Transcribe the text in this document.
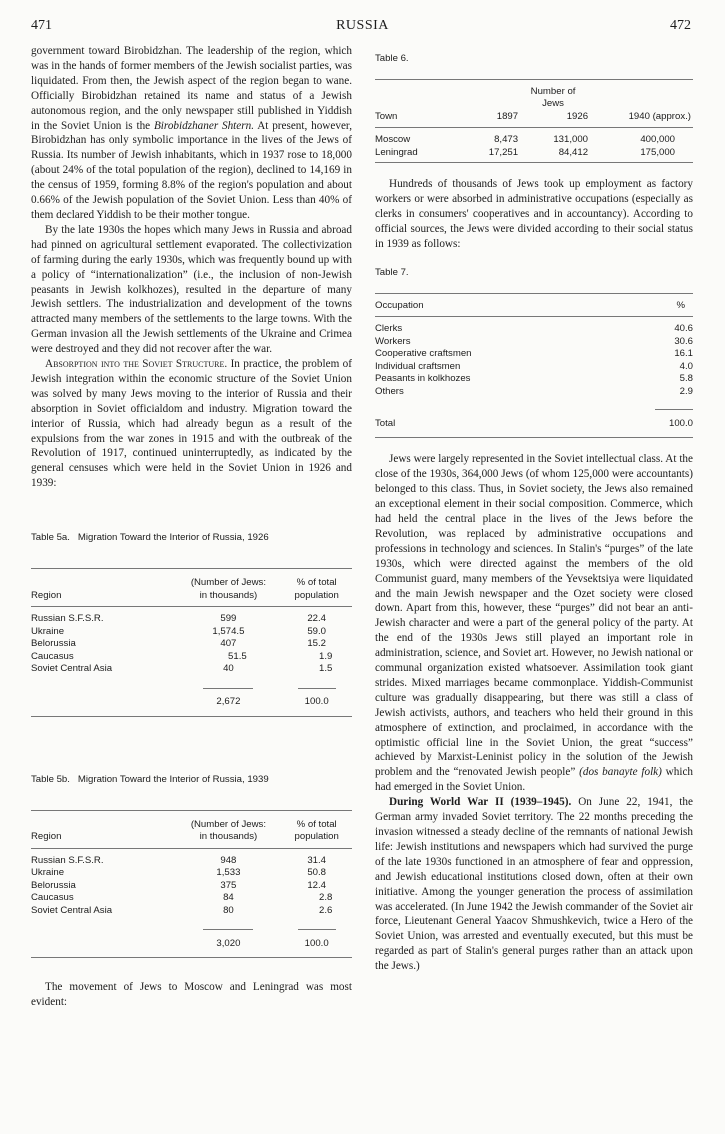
471	RUSSIA	472

government toward Birobidzhan. The leadership of the region, which was in the hands of former members of the Jewish socialist parties, was liquidated. From then, the Jewish aspect of the region began to wane. Officially Birobidzhan retained its name and status of a Jewish autonomous region, and the only newspaper still published in Yiddish in the Soviet Union is the Birobidzhaner Shtern. At present, however, Birobidzhan has only symbolic importance in the lives of the Jews of Russia. Its number of Jewish inhabitants, which in 1937 rose to 18,000 (about 24% of the total population of the region), declined to 14,169 in the census of 1959, forming 8.8% of the region's population and about 0.66% of the Jewish population of the Soviet Union. Less than 40% of them declared Yiddish to be their mother tongue.

By the late 1930s the hopes which many Jews in Russia and abroad had pinned on agricultural settlement evaporated. The collectivization of farming during the early 1930s, which was frequently bound up with a policy of “internationalization” (i.e., the inclusion of non-Jewish peasants in Jewish kolkhozes), resulted in the departure of many Jewish settlers. The industrialization and development of the towns attracted many members of the settlements to the large towns. With the German invasion all the Jewish settlements of the Ukraine and Crimea were destroyed and they did not recover after the war.

Absorption into the Soviet Structure. In practice, the problem of Jewish integration within the economic structure of the Soviet Union was solved by many Jews moving to the interior of Russia and their absorption in Soviet officialdom and industry. Migration toward the interior of Russia, which had already begun as a result of the expulsions from the war zones in 1915 and with the outbreak of the Revolution of 1917, continued uninterruptedly, as indicated by the general censuses which were held in the Soviet Union in 1926 and 1939:

Table 5a.   Migration Toward the Interior of Russia, 1926

Region	(Number of Jews:
in thousands)	% of total
population
Russian S.F.S.R.	599	22.4
Ukraine	1,574.5	59.0
Belorussia	407	15.2
Caucasus	51.5	1.9
Soviet Central Asia	40	1.5

	2,672	100.0
Table 5b.   Migration Toward the Interior of Russia, 1939

Region	(Number of Jews:
in thousands)	% of total
population
Russian S.F.S.R.	948	31.4
Ukraine	1,533	50.8
Belorussia	375	12.4
Caucasus	84	2.8
Soviet Central Asia	80	2.6

	3,020	100.0

The movement of Jews to Moscow and Leningrad was most evident:

Table 6.

		Number of
Jews	
Town	1897	1926	1940 (approx.)
Moscow	8,473	131,000	400,000
Leningrad	17,251	84,412	175,000

Hundreds of thousands of Jews took up employment as factory workers or were absorbed in administrative occupations (especially as clerks in consumers' cooperatives and in accountancy). According to official sources, the Jews were divided according to their social status in 1939 as follows:

Table 7.

Occupation	%
Clerks	40.6
Workers	30.6
Cooperative craftsmen	16.1
Individual craftsmen	4.0
Peasants in kolkhozes	5.8
Others	2.9

Total	100.0

Jews were largely represented in the Soviet intellectual class. At the close of the 1930s, 364,000 Jews (of whom 125,000 were accountants) belonged to this class. Thus, in Soviet society, the Jews also remained an exceptional element in their social composition. Commerce, which had held the central place in the lives of the Jews before the Revolution, was replaced by administrative occupations and professions in technology and sciences. In Stalin's “purges” of the late 1930s, which were directed against the members of the old Communist guard, many members of the Yevsektsiya were liquidated and the main Jewish newspaper and the Ozet society were closed down. Apart from this, however, these “purges” did not bear an anti-Jewish character and were a part of the general policy of the party. At the end of the 1930s Jews still played an important role in administration, science, and Soviet art. However, no Jewish national or communal organization existed whatsoever. Assimilation took giant strides. Mixed marriages became commonplace. Yiddish-Communist culture was gradually disappearing, but there was still a class of Jewish activists, authors, and teachers who held their ground in this atmosphere of extinction, and proclaimed, in accordance with the optimistic official line in the Soviet Union, the great “success” achieved by Marxist-Leninist policy in the solution of the Jewish problem and the “renovated Jewish people” (dos banayte folk) which had emerged in the Soviet Union.

During World War II (1939–1945). On June 22, 1941, the German army invaded Soviet territory. The 22 months preceding the invasion witnessed a steady decline of the remnants of national Jewish life: Jewish institutions and newspapers which had survived the purge of the late 1930s functioned in an atmosphere of fear and oppression, and Jewish educational institutions closed down, often at their own initiative. Among the younger generation the process of assimilation was accelerated. (In June 1942 the Jewish commander of the Soviet air force, Lieutenant General Yaacov Shmushkevich, twice a Hero of the Soviet Union, was arrested and eventually executed, but this must be regarded as part of Stalin's general purges rather than an attack upon the Jews.)
